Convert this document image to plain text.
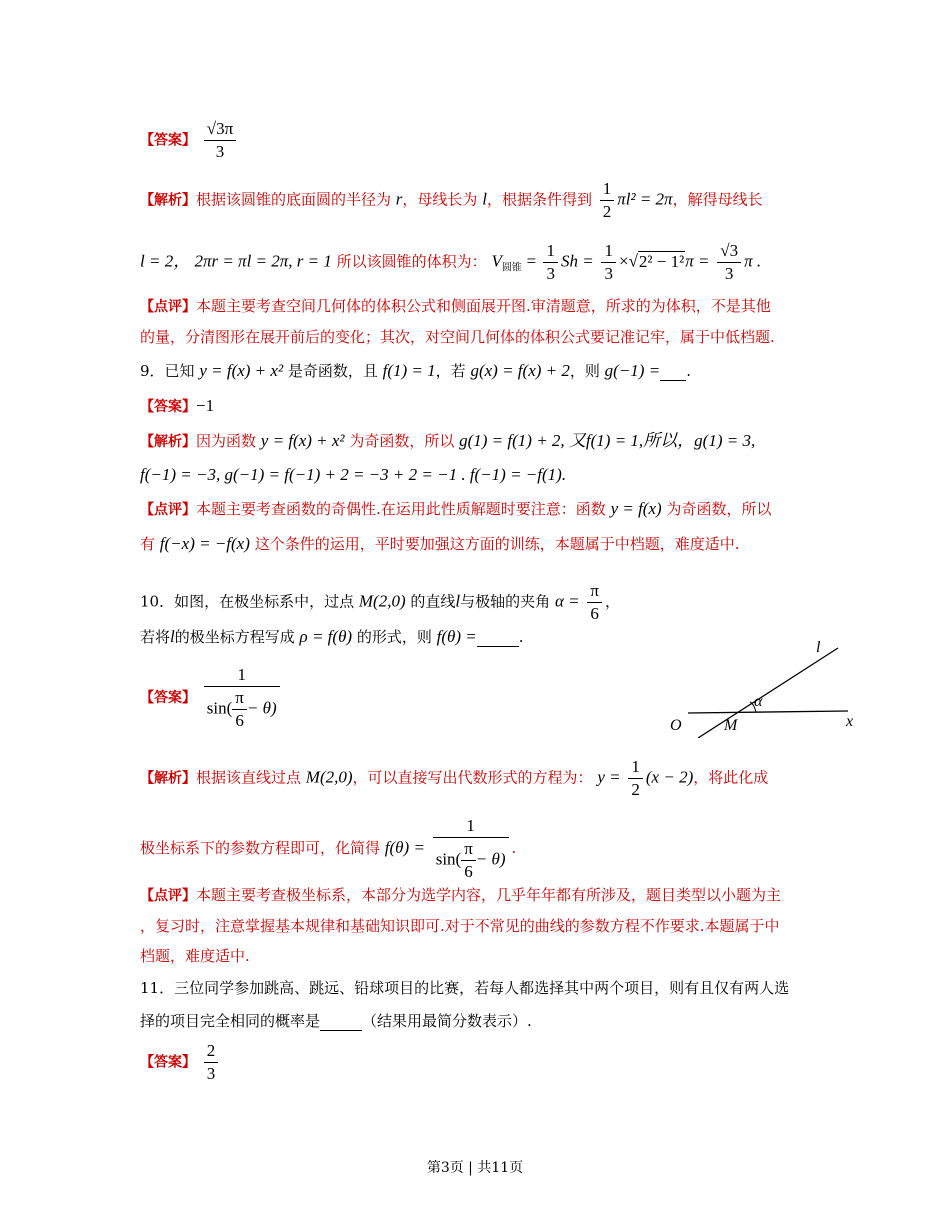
【答案】 $\frac{√3\pi}{3}$
【解析】根据该圆锥的底面圆的半径为 r，母线长为 l，根据条件得到 $\frac{1}{2} \pi l^2 = 2\pi$，解得母线长
l = 2， 2πr = πl = 2π, r = 1 所以该圆锥的体积为： $V_{圆锥} = \frac{1}{3}$ $Sh = \frac{1}{3} \times√2^2 - 1^2\pi = \frac{√3}{3}$ π .
【点评】本题主要考查空间几何体的体积公式和侧面展开图.审清题意，所求的为体积，不是其他
的量，分清图形在展开前后的变化；其次，对空间几何体的体积公式要记准记牢，属于中低档题.
9．已知 y = f(x) + x² 是奇函数，且 f(1) = 1，若 g(x) = f(x) + 2，则 g(−1) = .
【答案】−1
【解析】因为函数 y = f(x) + x² 为奇函数，所以 g(1) = f(1) + 2, 又f(1) = 1,所以，g(1) = 3,
f(−1) = −3, g(−1) = f(−1) + 2 = −3 + 2 = −1 . f(−1) = −f(1).
【点评】本题主要考查函数的奇偶性.在运用此性质解题时要注意：函数 y = f(x) 为奇函数，所以
有 f(−x) = −f(x) 这个条件的运用，平时要加强这方面的训练，本题属于中档题，难度适中.
10．如图，在极坐标系中，过点 M(2,0) 的直线l与极轴的夹角 $\alpha = \frac{\pi}{6}$ ，
若将l的极坐标方程写成 ρ = f(θ) 的形式，则 f(θ) =	.
【答案】 $\frac{1}{\sin( \frac{\pi}{6} - \theta)}$
l
α
O	M	x
【解析】根据该直线过点 M(2,0)，可以直接写出代数形式的方程为： $y = \frac{1}{2} (x - 2)$，将此化成
极坐标系下的参数方程即可，化简得 $f(\theta) = \frac{1}{\sin( \frac{\pi}{6} - \theta)}$ .
【点评】本题主要考查极坐标系，本部分为选学内容，几乎年年都有所涉及，题目类型以小题为主
，复习时，注意掌握基本规律和基础知识即可.对于不常见的曲线的参数方程不作要求.本题属于中
档题，难度适中.
11．三位同学参加跳高、跳远、铅球项目的比赛，若每人都选择其中两个项目，则有且仅有两人选
择的项目完全相同的概率是	（结果用最简分数表示）.
【答案】 $\frac{2}{3}$
第3页 | 共11页
